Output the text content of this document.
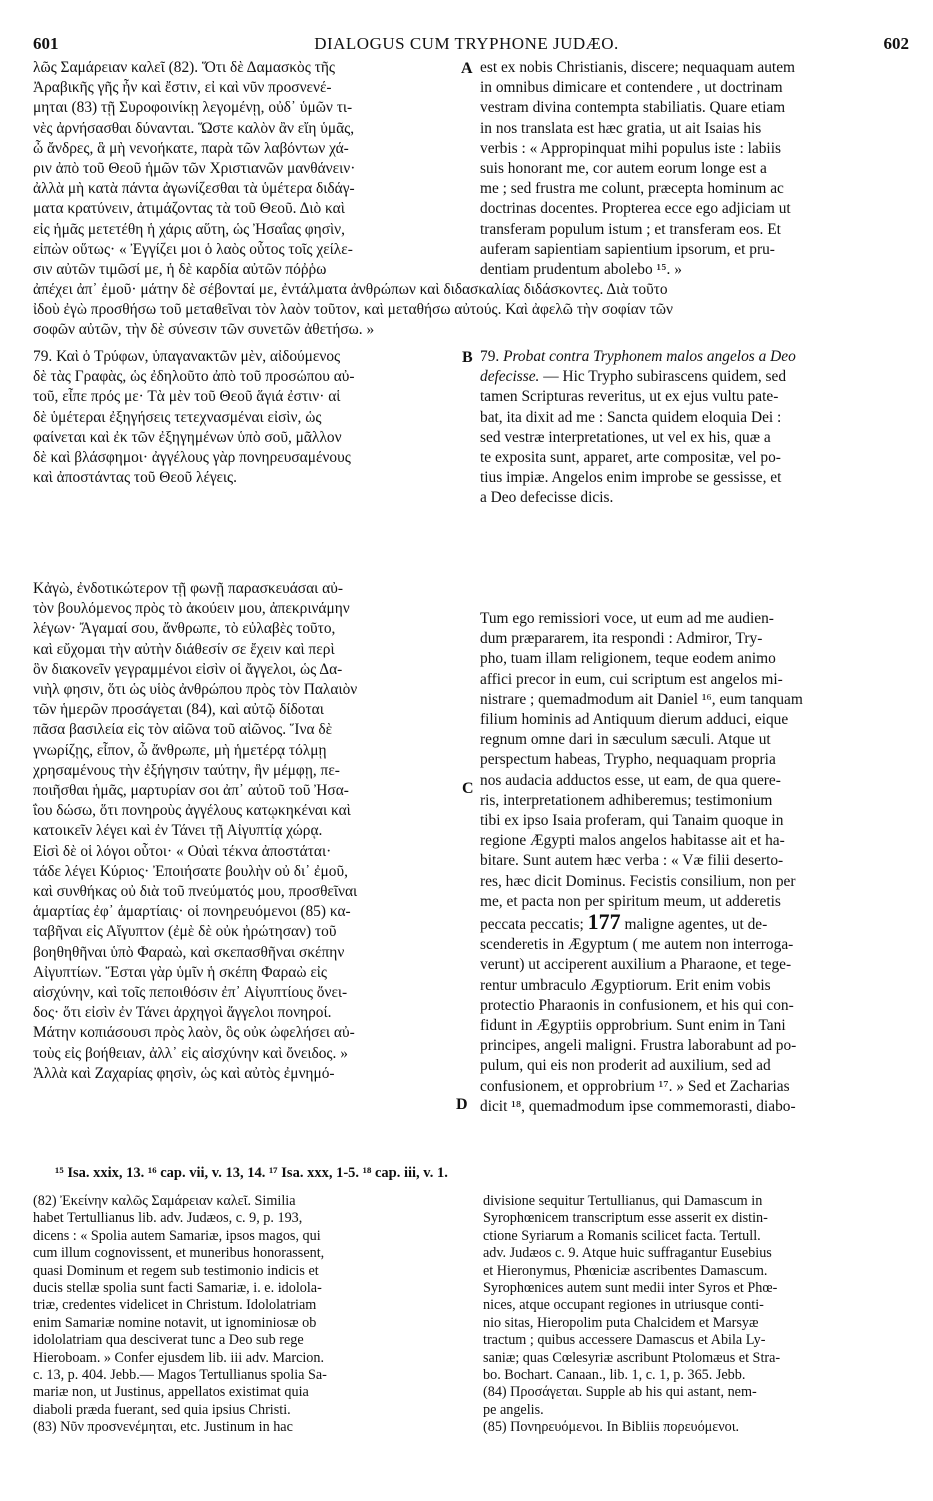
601	DIALOGUS CUM TRYPHONE JUDÆO.	602
λῶς Σαμάρειαν καλεῖ (82). Ὅτι δὲ Δαμασκὸς τῆς
Ἀραβικῆς γῆς ἦν καὶ ἔστιν, εἰ καὶ νῦν προσνενέ-
μηται (83) τῇ Συροφοινίκῃ λεγομένῃ, οὐδ᾽ ὑμῶν τι-
νὲς ἀρνήσασθαι δύνανται. Ὥστε καλὸν ἂν εἴη ὑμᾶς,
ὦ ἄνδρες, ἃ μὴ νενοήκατε, παρὰ τῶν λαβόντων χά-
ριν ἀπὸ τοῦ Θεοῦ ἡμῶν τῶν Χριστιανῶν μανθάνειν·
ἀλλὰ μὴ κατὰ πάντα ἀγωνίζεσθαι τὰ ὑμέτερα διδάγ-
ματα κρατύνειν, ἀτιμάζοντας τὰ τοῦ Θεοῦ. Διὸ καὶ
εἰς ἡμᾶς μετετέθη ἡ χάρις αὕτη, ὡς Ἠσαΐας φησὶν,
εἰπὼν οὕτως· « Ἐγγίζει μοι ὁ λαὸς οὗτος τοῖς χείλε-
σιν αὐτῶν τιμῶσί με, ἡ δὲ καρδία αὐτῶν πόῤῥω
est ex nobis Christianis, discere; nequaquam autem
in omnibus dimicare et contendere , ut doctrinam
vestram divina contempta stabiliatis. Quare etiam
in nos translata est hæc gratia, ut ait Isaias his
verbis : « Appropinquat mihi populus iste : labiis
suis honorant me, cor autem eorum longe est a
me ; sed frustra me colunt, præcepta hominum ac
doctrinas docentes. Propterea ecce ego adjiciam ut
transferam populum istum ; et transferam eos. Et
auferam sapientiam sapientium ipsorum, et pru-
dentiam prudentum abolebo ¹⁵. »
A
ἀπέχει ἀπ᾽ ἐμοῦ· μάτην δὲ σέβονταί με, ἐντάλματα ἀνθρώπων καὶ διδασκαλίας διδάσκοντες. Διὰ τοῦτο
ἰδοὺ ἐγὼ προσθήσω τοῦ μεταθεῖναι τὸν λαὸν τοῦτον, καὶ μεταθήσω αὐτούς. Καὶ ἀφελῶ τὴν σοφίαν τῶν
σοφῶν αὐτῶν, τὴν δὲ σύνεσιν τῶν συνετῶν ἀθετήσω. »
79. Καὶ ὁ Τρύφων, ὑπαγανακτῶν μὲν, αἰδούμενος
δὲ τὰς Γραφὰς, ὡς ἐδηλοῦτο ἀπὸ τοῦ προσώπου αὐ-
τοῦ, εἶπε πρός με· Τὰ μὲν τοῦ Θεοῦ ἅγιά ἐστιν· αἱ
δὲ ὑμέτεραι ἐξηγήσεις τετεχνασμέναι εἰσὶν, ὡς
φαίνεται καὶ ἐκ τῶν ἐξηγημένων ὑπὸ σοῦ, μᾶλλον
δὲ καὶ βλάσφημοι· ἀγγέλους γὰρ πονηρευσαμένους
καὶ ἀποστάντας τοῦ Θεοῦ λέγεις.
B 79. Probat contra Tryphonem malos angelos a Deo
defecisse. — Hic Trypho subirascens quidem, sed
tamen Scripturas reveritus, ut ex ejus vultu pate-
bat, ita dixit ad me : Sancta quidem eloquia Dei :
sed vestræ interpretationes, ut vel ex his, quæ a
te exposita sunt, apparet, arte compositæ, vel po-
tius impiæ. Angelos enim improbe se gessisse, et
a Deo defecisse dicis.
Κἀγὼ, ἐνδοτικώτερον τῇ φωνῇ παρασκευάσαι αὐ-
τὸν βουλόμενος πρὸς τὸ ἀκούειν μου, ἀπεκρινάμην
λέγων· Ἄγαμαί σου, ἄνθρωπε, τὸ εὐλαβὲς τοῦτο,
καὶ εὔχομαι τὴν αὐτὴν διάθεσίν σε ἔχειν καὶ περὶ
ὃν διακονεῖν γεγραμμένοι εἰσὶν οἱ ἄγγελοι, ὡς Δα-
νιὴλ φησιν, ὅτι ὡς υἱὸς ἀνθρώπου πρὸς τὸν Παλαιὸν
τῶν ἡμερῶν προσάγεται (84), καὶ αὐτῷ δίδοται
πᾶσα βασιλεία εἰς τὸν αἰῶνα τοῦ αἰῶνος. Ἵνα δὲ
γνωρίζῃς, εἶπον, ὦ ἄνθρωπε, μὴ ἡμετέρᾳ τόλμῃ
χρησαμένους τὴν ἐξήγησιν ταύτην, ἣν μέμφῃ, πε-
ποιῆσθαι ἡμᾶς, μαρτυρίαν σοι ἀπ᾽ αὐτοῦ τοῦ Ἠσα-
ΐου δώσω, ὅτι πονηροὺς ἀγγέλους κατῳκηκέναι καὶ
κατοικεῖν λέγει καὶ ἐν Τάνει τῇ Αἰγυπτίᾳ χώρᾳ.
Εἰσὶ δὲ οἱ λόγοι οὗτοι· « Οὐαὶ τέκνα ἀποστάται·
τάδε λέγει Κύριος· Ἐποιήσατε βουλὴν οὐ δι᾽ ἐμοῦ,
καὶ συνθήκας οὐ διὰ τοῦ πνεύματός μου, προσθεῖναι
ἁμαρτίας ἐφ᾽ ἁμαρτίαις· οἱ πονηρευόμενοι (85) κα-
ταβῆναι εἰς Αἴγυπτον (ἐμὲ δὲ οὐκ ἠρώτησαν) τοῦ
βοηθηθῆναι ὑπὸ Φαραὼ, καὶ σκεπασθῆναι σκέπην
Αἰγυπτίων. Ἔσται γὰρ ὑμῖν ἡ σκέπη Φαραὼ εἰς
αἰσχύνην, καὶ τοῖς πεποιθόσιν ἐπ᾽ Αἰγυπτίους ὄνει-
δος· ὅτι εἰσὶν ἐν Τάνει ἀρχηγοὶ ἄγγελοι πονηροί.
Μάτην κοπιάσουσι πρὸς λαὸν, ὃς οὐκ ὠφελήσει αὐ-
τοὺς εἰς βοήθειαν, ἀλλ᾽ εἰς αἰσχύνην καὶ ὄνειδος. »
Ἀλλὰ καὶ Ζαχαρίας φησὶν, ὡς καὶ αὐτὸς ἐμνημό-
C
D
Tum ego remissiori voce, ut eum ad me audien-
dum præpararem, ita respondi : Admiror, Try-
pho, tuam illam religionem, teque eodem animo
affici precor in eum, cui scriptum est angelos mi-
nistrare ; quemadmodum ait Daniel ¹⁶, eum tanquam
filium hominis ad Antiquum dierum adduci, eique
regnum omne dari in sæculum sæculi. Atque ut
perspectum habeas, Trypho, nequaquam propria
nos audacia adductos esse, ut eam, de qua quere-
ris, interpretationem adhiberemus; testimonium
tibi ex ipso Isaia proferam, qui Tanaim quoque in
regione Ægypti malos angelos habitasse ait et ha-
bitare. Sunt autem hæc verba : « Væ filii deserto-
res, hæc dicit Dominus. Fecistis consilium, non per
me, et pacta non per spiritum meum, ut adderetis
peccata peccatis; 177 maligne agentes, ut de-
scenderetis in Ægyptum ( me autem non interroga-
verunt) ut acciperent auxilium a Pharaone, et tege-
rentur umbraculo Ægyptiorum. Erit enim vobis
protectio Pharaonis in confusionem, et his qui con-
fidunt in Ægyptiis opprobrium. Sunt enim in Tani
principes, angeli maligni. Frustra laborabunt ad po-
pulum, qui eis non proderit ad auxilium, sed ad
confusionem, et opprobrium ¹⁷. » Sed et Zacharias
dicit ¹⁸, quemadmodum ipse commemorasti, diabo-
¹⁵ Isa. xxix, 13. ¹⁶ cap. vii, v. 13, 14. ¹⁷ Isa. xxx, 1-5. ¹⁸ cap. iii, v. 1.
(82) Ἐκείνην καλῶς Σαμάρειαν καλεῖ. Similia
habet Tertullianus lib. adv. Judæos, c. 9, p. 193,
dicens : « Spolia autem Samariæ, ipsos magos, qui
cum illum cognovissent, et muneribus honorassent,
quasi Dominum et regem sub testimonio indicis et
ducis stellæ spolia sunt facti Samariæ, i. e. idolola-
triæ, credentes videlicet in Christum. Idololatriam
enim Samariæ nomine notavit, ut ignominiosæ ob
idololatriam qua desciverat tunc a Deo sub rege
Hieroboam. » Confer ejusdem lib. iii adv. Marcion.
c. 13, p. 404. Jebb.— Magos Tertullianus spolia Sa-
mariæ non, ut Justinus, appellatos existimat quia
diaboli præda fuerant, sed quia ipsius Christi.
(83) Νῦν προσνενέμηται, etc. Justinum in hac
divisione sequitur Tertullianus, qui Damascum in
Syrophœnicem transcriptum esse asserit ex distin-
ctione Syriarum a Romanis scilicet facta. Tertull.
adv. Judæos c. 9. Atque huic suffragantur Eusebius
et Hieronymus, Phœniciæ ascribentes Damascum.
Syrophœnices autem sunt medii inter Syros et Phœ-
nices, atque occupant regiones in utriusque conti-
nio sitas, Hieropolim puta Chalcidem et Marsyæ
tractum ; quibus accessere Damascus et Abila Ly-
saniæ; quas Cœlesyriæ ascribunt Ptolomæus et Stra-
bo. Bochart. Canaan., lib. 1, c. 1, p. 365. Jebb.
(84) Προσάγεται. Supple ab his qui astant, nem-
pe angelis.
(85) Πονηρευόμενοι. In Bibliis πορευόμενοι.
